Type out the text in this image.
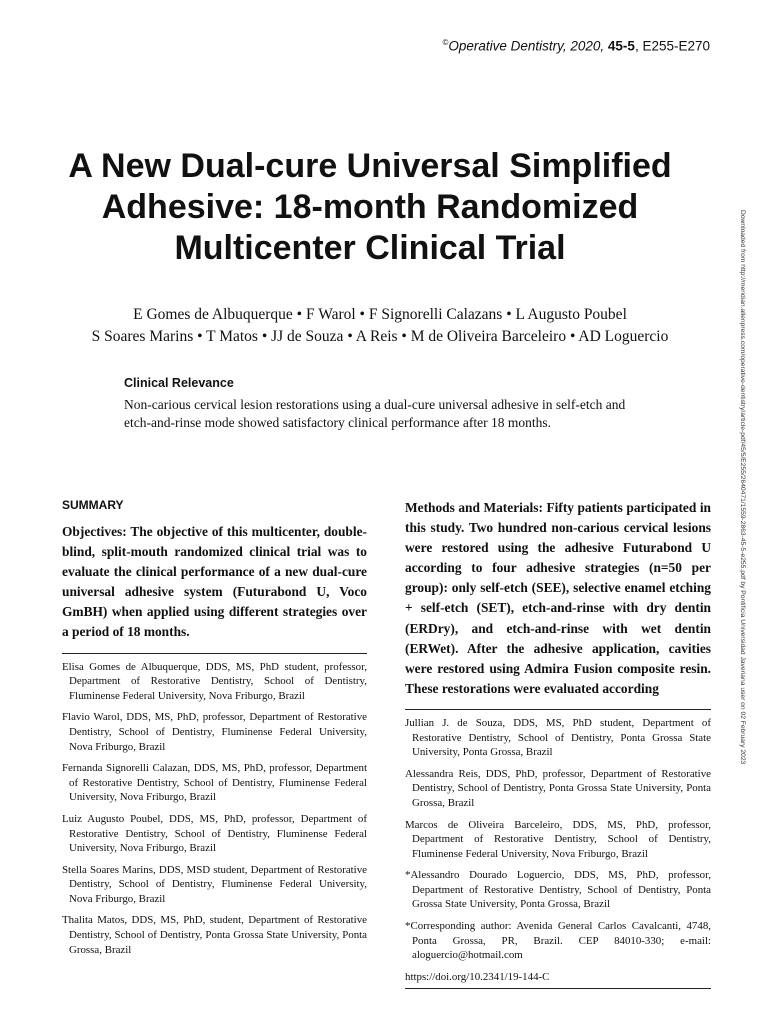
©Operative Dentistry, 2020, 45-5, E255-E270
A New Dual-cure Universal Simplified Adhesive: 18-month Randomized Multicenter Clinical Trial
E Gomes de Albuquerque • F Warol • F Signorelli Calazans • L Augusto Poubel
S Soares Marins • T Matos • JJ de Souza • A Reis • M de Oliveira Barceleiro • AD Loguercio
Clinical Relevance
Non-carious cervical lesion restorations using a dual-cure universal adhesive in self-etch and etch-and-rinse mode showed satisfactory clinical performance after 18 months.
SUMMARY

Objectives: The objective of this multicenter, double-blind, split-mouth randomized clinical trial was to evaluate the clinical performance of a new dual-cure universal adhesive system (Futurabond U, Voco GmBH) when applied using different strategies over a period of 18 months.

Elisa Gomes de Albuquerque, DDS, MS, PhD student, professor, Department of Restorative Dentistry, School of Dentistry, Fluminense Federal University, Nova Friburgo, Brazil

Flavio Warol, DDS, MS, PhD, professor, Department of Restorative Dentistry, School of Dentistry, Fluminense Federal University, Nova Friburgo, Brazil

Fernanda Signorelli Calazan, DDS, MS, PhD, professor, Department of Restorative Dentistry, School of Dentistry, Fluminense Federal University, Nova Friburgo, Brazil

Luiz Augusto Poubel, DDS, MS, PhD, professor, Department of Restorative Dentistry, School of Dentistry, Fluminense Federal University, Nova Friburgo, Brazil

Stella Soares Marins, DDS, MSD student, Department of Restorative Dentistry, School of Dentistry, Fluminense Federal University, Nova Friburgo, Brazil

Thalita Matos, DDS, MS, PhD, student, Department of Restorative Dentistry, School of Dentistry, Ponta Grossa State University, Ponta Grossa, Brazil

Methods and Materials: Fifty patients participated in this study. Two hundred non-carious cervical lesions were restored using the adhesive Futurabond U according to four adhesive strategies (n=50 per group): only self-etch (SEE), selective enamel etching + self-etch (SET), etch-and-rinse with dry dentin (ERDry), and etch-and-rinse with wet dentin (ERWet). After the adhesive application, cavities were restored using Admira Fusion composite resin. These restorations were evaluated according

Jullian J. de Souza, DDS, MS, PhD student, Department of Restorative Dentistry, School of Dentistry, Ponta Grossa State University, Ponta Grossa, Brazil

Alessandra Reis, DDS, PhD, professor, Department of Restorative Dentistry, School of Dentistry, Ponta Grossa State University, Ponta Grossa, Brazil

Marcos de Oliveira Barceleiro, DDS, MS, PhD, professor, Department of Restorative Dentistry, School of Dentistry, Fluminense Federal University, Nova Friburgo, Brazil

*Alessandro Dourado Loguercio, DDS, MS, PhD, professor, Department of Restorative Dentistry, School of Dentistry, Ponta Grossa State University, Ponta Grossa, Brazil

*Corresponding author: Avenida General Carlos Cavalcanti, 4748, Ponta Grossa, PR, Brazil. CEP 84010-330; e-mail: aloguercio@hotmail.com

https://doi.org/10.2341/19-144-C

Downloaded from http://meridian.allenpress.com/operative-dentistry/article-pdf/45/5/E255/2640471/1559-2863-45-5-e255.pdf by Pontificia Universidad Javeriana user on 02 February 2023
